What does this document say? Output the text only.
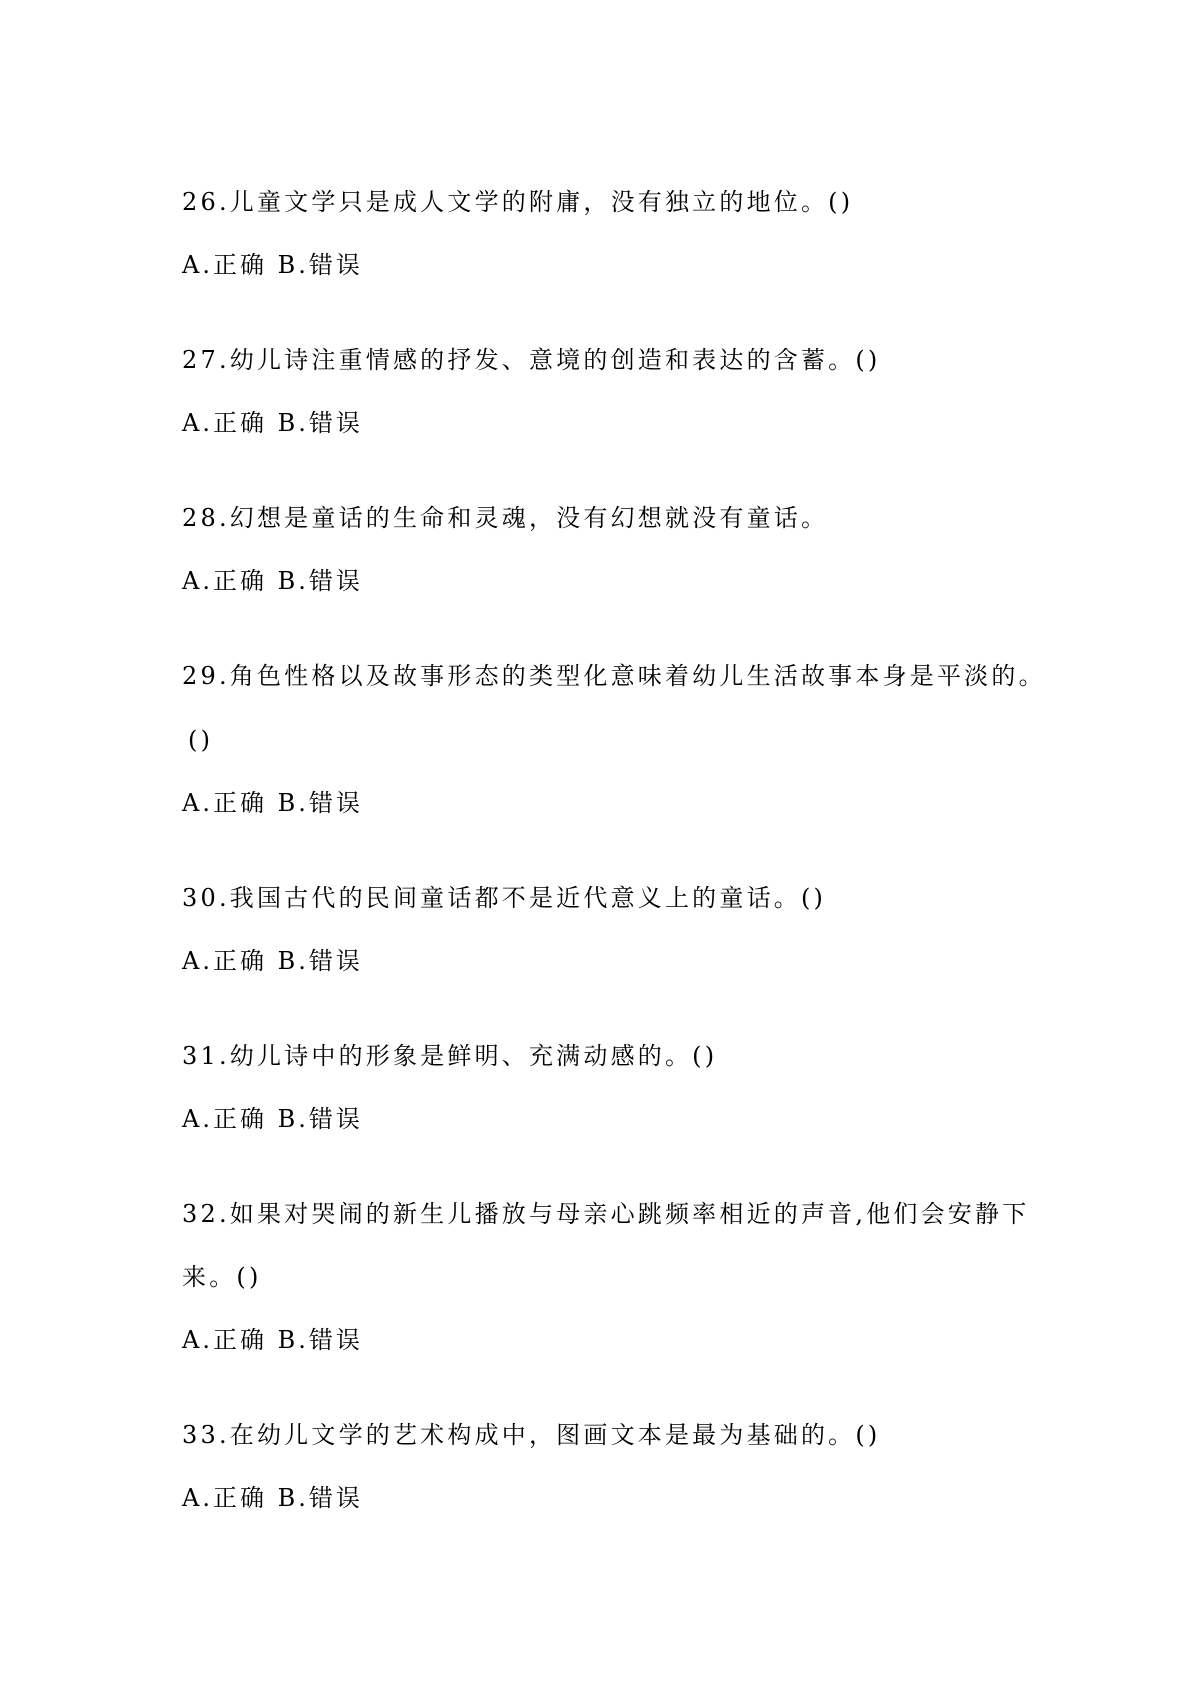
26.儿童文学只是成人文学的附庸，没有独立的地位。()

A.正确 B.错误

27.幼儿诗注重情感的抒发、意境的创造和表达的含蓄。()

A.正确 B.错误

28.幻想是童话的生命和灵魂，没有幻想就没有童话。

A.正确 B.错误

29.角色性格以及故事形态的类型化意味着幼儿生活故事本身是平淡的。

()

A.正确 B.错误

30.我国古代的民间童话都不是近代意义上的童话。()

A.正确 B.错误

31.幼儿诗中的形象是鲜明、充满动感的。()

A.正确 B.错误

32.如果对哭闹的新生儿播放与母亲心跳频率相近的声音,他们会安静下

来。()

A.正确 B.错误

33.在幼儿文学的艺术构成中，图画文本是最为基础的。()

A.正确 B.错误
